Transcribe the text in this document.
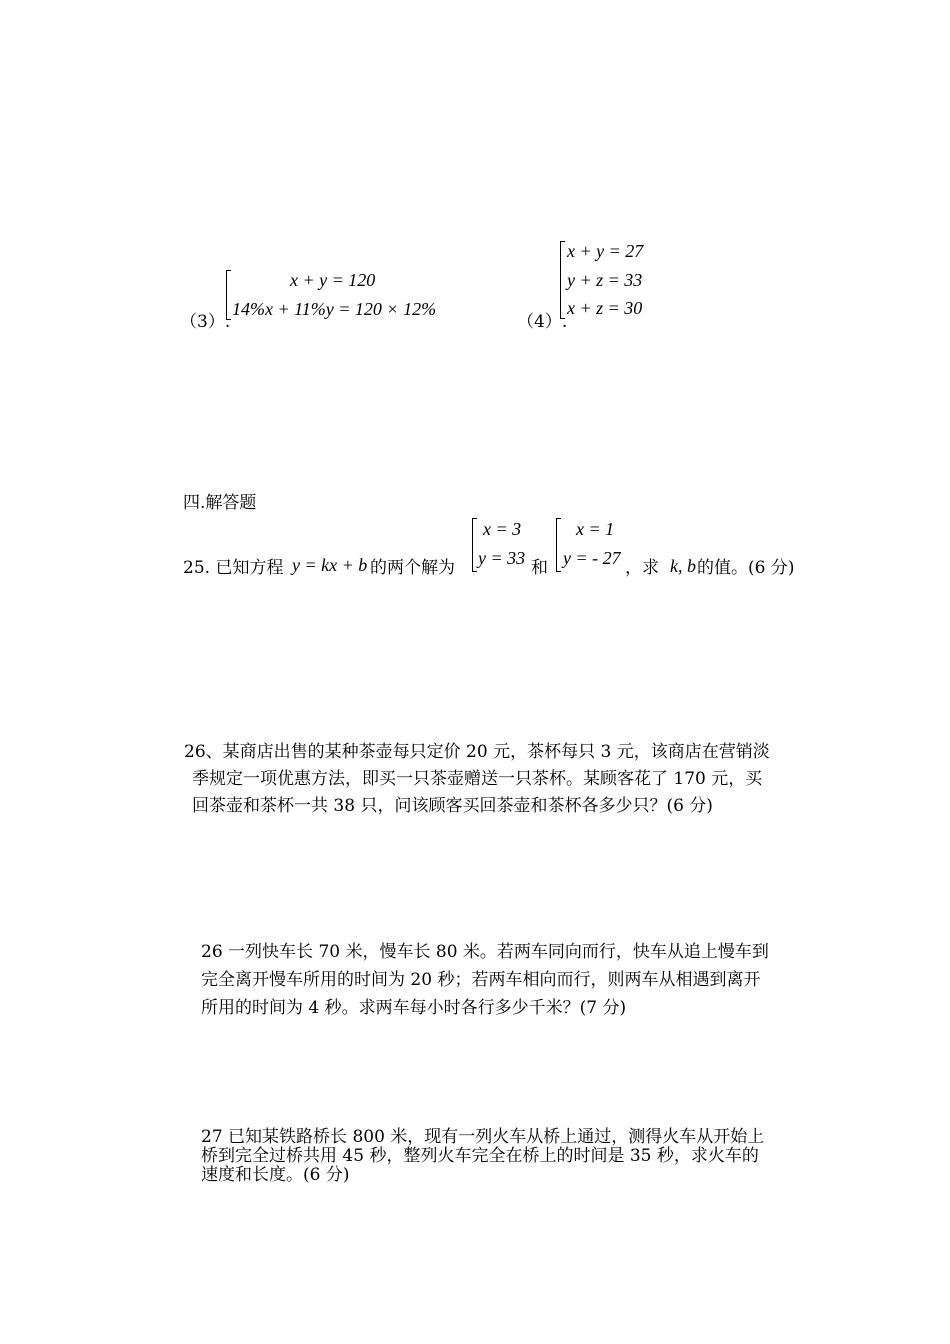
（3）.
x + y = 120
14%x + 11%y = 120 × 12%
（4）.
x + y = 27
y + z = 33
x + z = 30
四.解答题
25. 已知方程 y = kx + b 的两个解为
x = 3
y = 33 和
x = 1
y = - 27 ，求 k, b 的值。(6 分)
26、某商店出售的某种茶壶每只定价 20 元，茶杯每只 3 元，该商店在营销淡
季规定一项优惠方法，即买一只茶壶赠送一只茶杯。某顾客花了 170 元，买
回茶壶和茶杯一共 38 只，问该顾客买回茶壶和茶杯各多少只？(6 分)
26 一列快车长 70 米，慢车长 80 米。若两车同向而行，快车从追上慢车到
完全离开慢车所用的时间为 20 秒；若两车相向而行，则两车从相遇到离开
所用的时间为 4 秒。求两车每小时各行多少千米？(7 分)
27 已知某铁路桥长 800 米，现有一列火车从桥上通过，测得火车从开始上
桥到完全过桥共用 45 秒，整列火车完全在桥上的时间是 35 秒，求火车的
速度和长度。(6 分)
